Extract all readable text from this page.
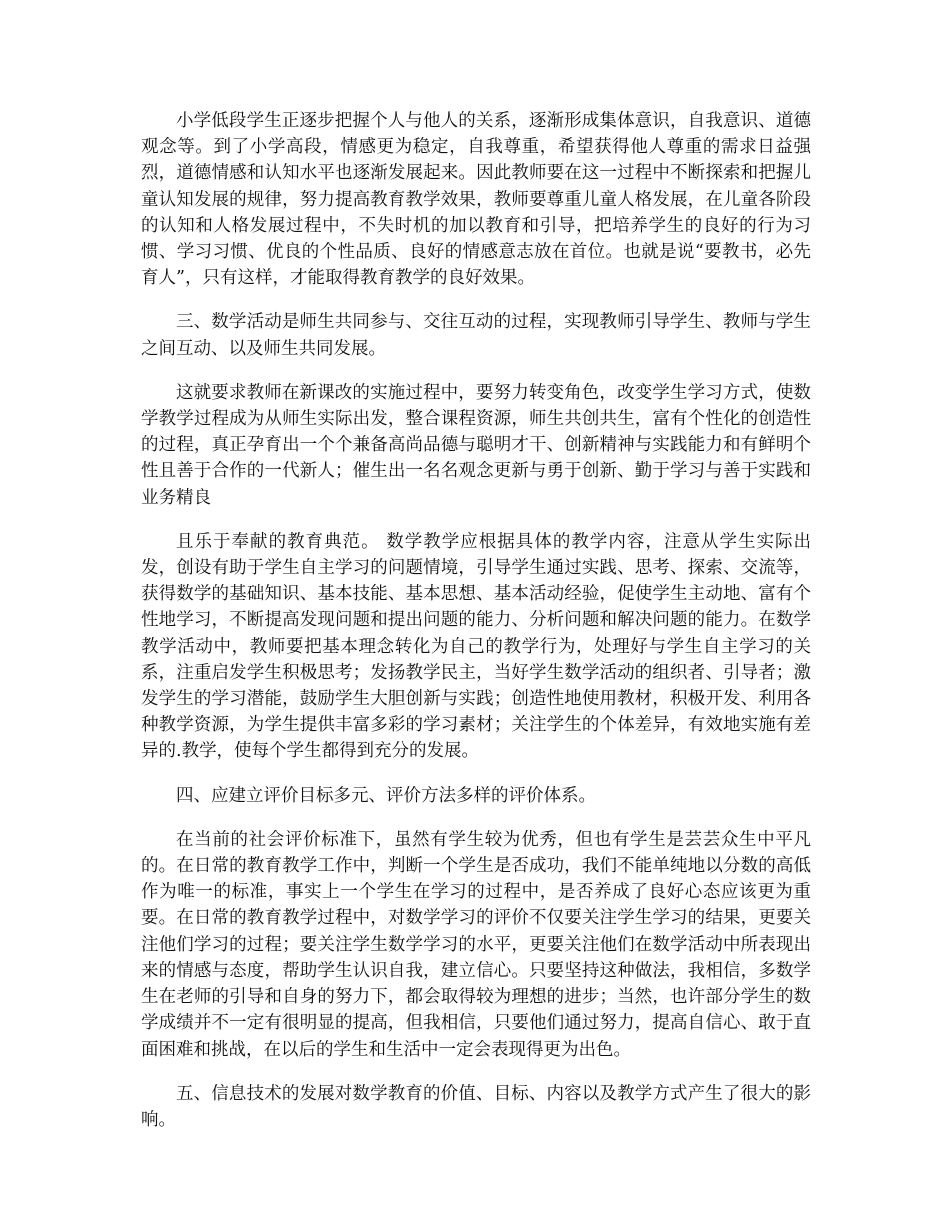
小学低段学生正逐步把握个人与他人的关系，逐渐形成集体意识，自我意识、道德观念等。到了小学高段，情感更为稳定，自我尊重，希望获得他人尊重的需求日益强烈，道德情感和认知水平也逐渐发展起来。因此教师要在这一过程中不断探索和把握儿童认知发展的规律，努力提高教育教学效果，教师要尊重儿童人格发展，在儿童各阶段的认知和人格发展过程中，不失时机的加以教育和引导，把培养学生的良好的行为习惯、学习习惯、优良的个性品质、良好的情感意志放在首位。也就是说“要教书，必先育人”，只有这样，才能取得教育教学的良好效果。

三、数学活动是师生共同参与、交往互动的过程，实现教师引导学生、教师与学生之间互动、以及师生共同发展。

这就要求教师在新课改的实施过程中，要努力转变角色，改变学生学习方式，使数学教学过程成为从师生实际出发，整合课程资源，师生共创共生，富有个性化的创造性的过程，真正孕育出一个个兼备高尚品德与聪明才干、创新精神与实践能力和有鲜明个性且善于合作的一代新人；催生出一名名观念更新与勇于创新、勤于学习与善于实践和业务精良

且乐于奉献的教育典范。 数学教学应根据具体的教学内容，注意从学生实际出发，创设有助于学生自主学习的问题情境，引导学生通过实践、思考、探索、交流等，获得数学的基础知识、基本技能、基本思想、基本活动经验，促使学生主动地、富有个性地学习，不断提高发现问题和提出问题的能力、分析问题和解决问题的能力。在数学教学活动中，教师要把基本理念转化为自己的教学行为，处理好与学生自主学习的关系，注重启发学生积极思考；发扬教学民主，当好学生数学活动的组织者、引导者；激发学生的学习潜能，鼓励学生大胆创新与实践；创造性地使用教材，积极开发、利用各种教学资源，为学生提供丰富多彩的学习素材；关注学生的个体差异，有效地实施有差异的.教学，使每个学生都得到充分的发展。

四、应建立评价目标多元、评价方法多样的评价体系。

在当前的社会评价标准下，虽然有学生较为优秀，但也有学生是芸芸众生中平凡的。在日常的教育教学工作中，判断一个学生是否成功，我们不能单纯地以分数的高低作为唯一的标准，事实上一个学生在学习的过程中，是否养成了良好心态应该更为重要。在日常的教育教学过程中，对数学学习的评价不仅要关注学生学习的结果，更要关注他们学习的过程；要关注学生数学学习的水平，更要关注他们在数学活动中所表现出来的情感与态度，帮助学生认识自我，建立信心。只要坚持这种做法，我相信，多数学生在老师的引导和自身的努力下，都会取得较为理想的进步；当然，也许部分学生的数学成绩并不一定有很明显的提高，但我相信，只要他们通过努力，提高自信心、敢于直面困难和挑战，在以后的学生和生活中一定会表现得更为出色。

五、信息技术的发展对数学教育的价值、目标、内容以及教学方式产生了很大的影响。
